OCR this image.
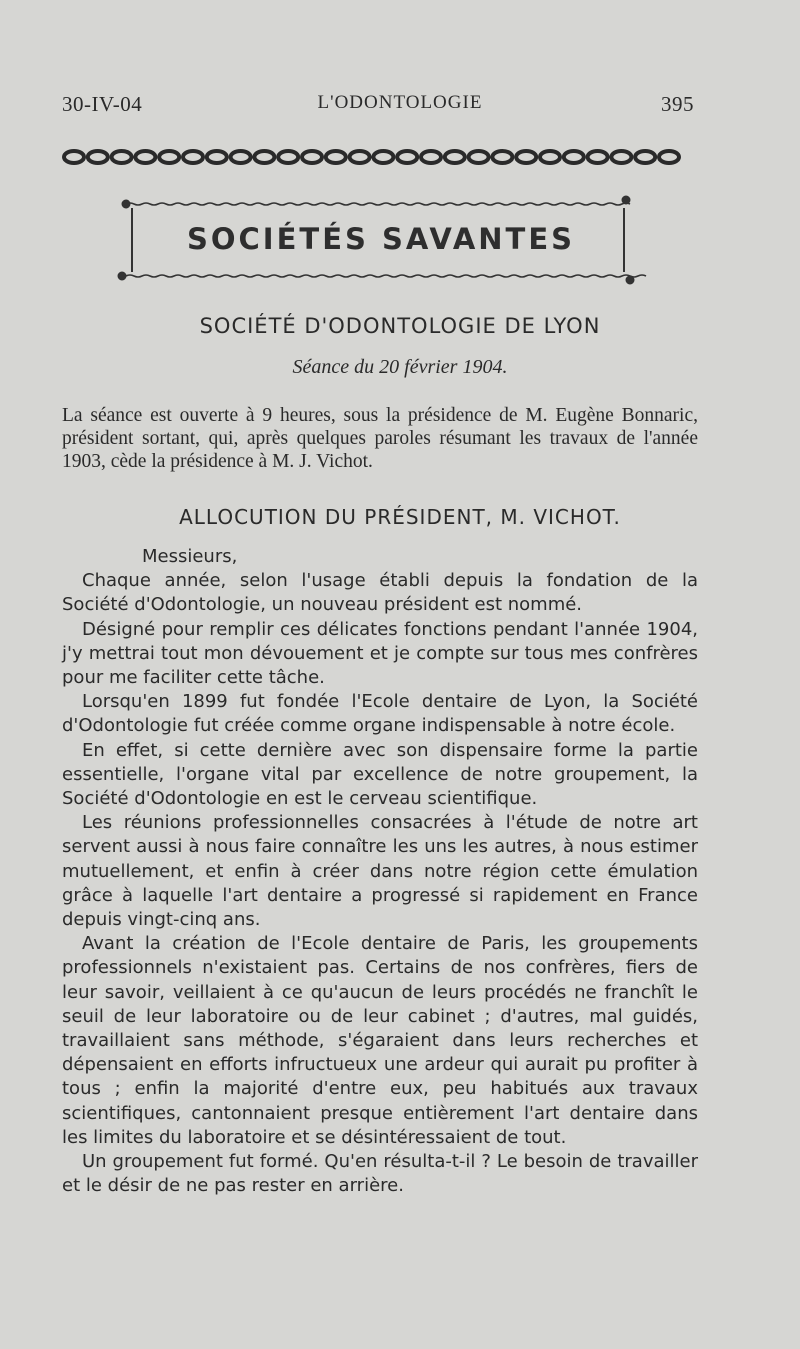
30-IV-04	L'ODONTOLOGIE	395
SOCIÉTÉS SAVANTES
SOCIÉTÉ D'ODONTOLOGIE DE LYON
Séance du 20 février 1904.
La séance est ouverte à 9 heures, sous la présidence de M. Eugène Bonnaric, président sortant, qui, après quelques paroles résumant les travaux de l'année 1903, cède la présidence à M. J. Vichot.
ALLOCUTION DU PRÉSIDENT, M. VICHOT.

Messieurs,

Chaque année, selon l'usage établi depuis la fondation de la Société d'Odontologie, un nouveau président est nommé.

Désigné pour remplir ces délicates fonctions pendant l'année 1904, j'y mettrai tout mon dévouement et je compte sur tous mes confrères pour me faciliter cette tâche.

Lorsqu'en 1899 fut fondée l'Ecole dentaire de Lyon, la Société d'Odontologie fut créée comme organe indispensable à notre école.

En effet, si cette dernière avec son dispensaire forme la partie essentielle, l'organe vital par excellence de notre groupement, la Société d'Odontologie en est le cerveau scientifique.

Les réunions professionnelles consacrées à l'étude de notre art servent aussi à nous faire connaître les uns les autres, à nous estimer mutuellement, et enfin à créer dans notre région cette émulation grâce à laquelle l'art dentaire a progressé si rapidement en France depuis vingt-cinq ans.

Avant la création de l'Ecole dentaire de Paris, les groupements professionnels n'existaient pas. Certains de nos confrères, fiers de leur savoir, veillaient à ce qu'aucun de leurs procédés ne franchît le seuil de leur laboratoire ou de leur cabinet ; d'autres, mal guidés, travaillaient sans méthode, s'égaraient dans leurs recherches et dépensaient en efforts infructueux une ardeur qui aurait pu profiter à tous ; enfin la majorité d'entre eux, peu habitués aux travaux scientifiques, cantonnaient presque entièrement l'art dentaire dans les limites du laboratoire et se désintéressaient de tout.

Un groupement fut formé. Qu'en résulta-t-il ? Le besoin de travailler et le désir de ne pas rester en arrière.
